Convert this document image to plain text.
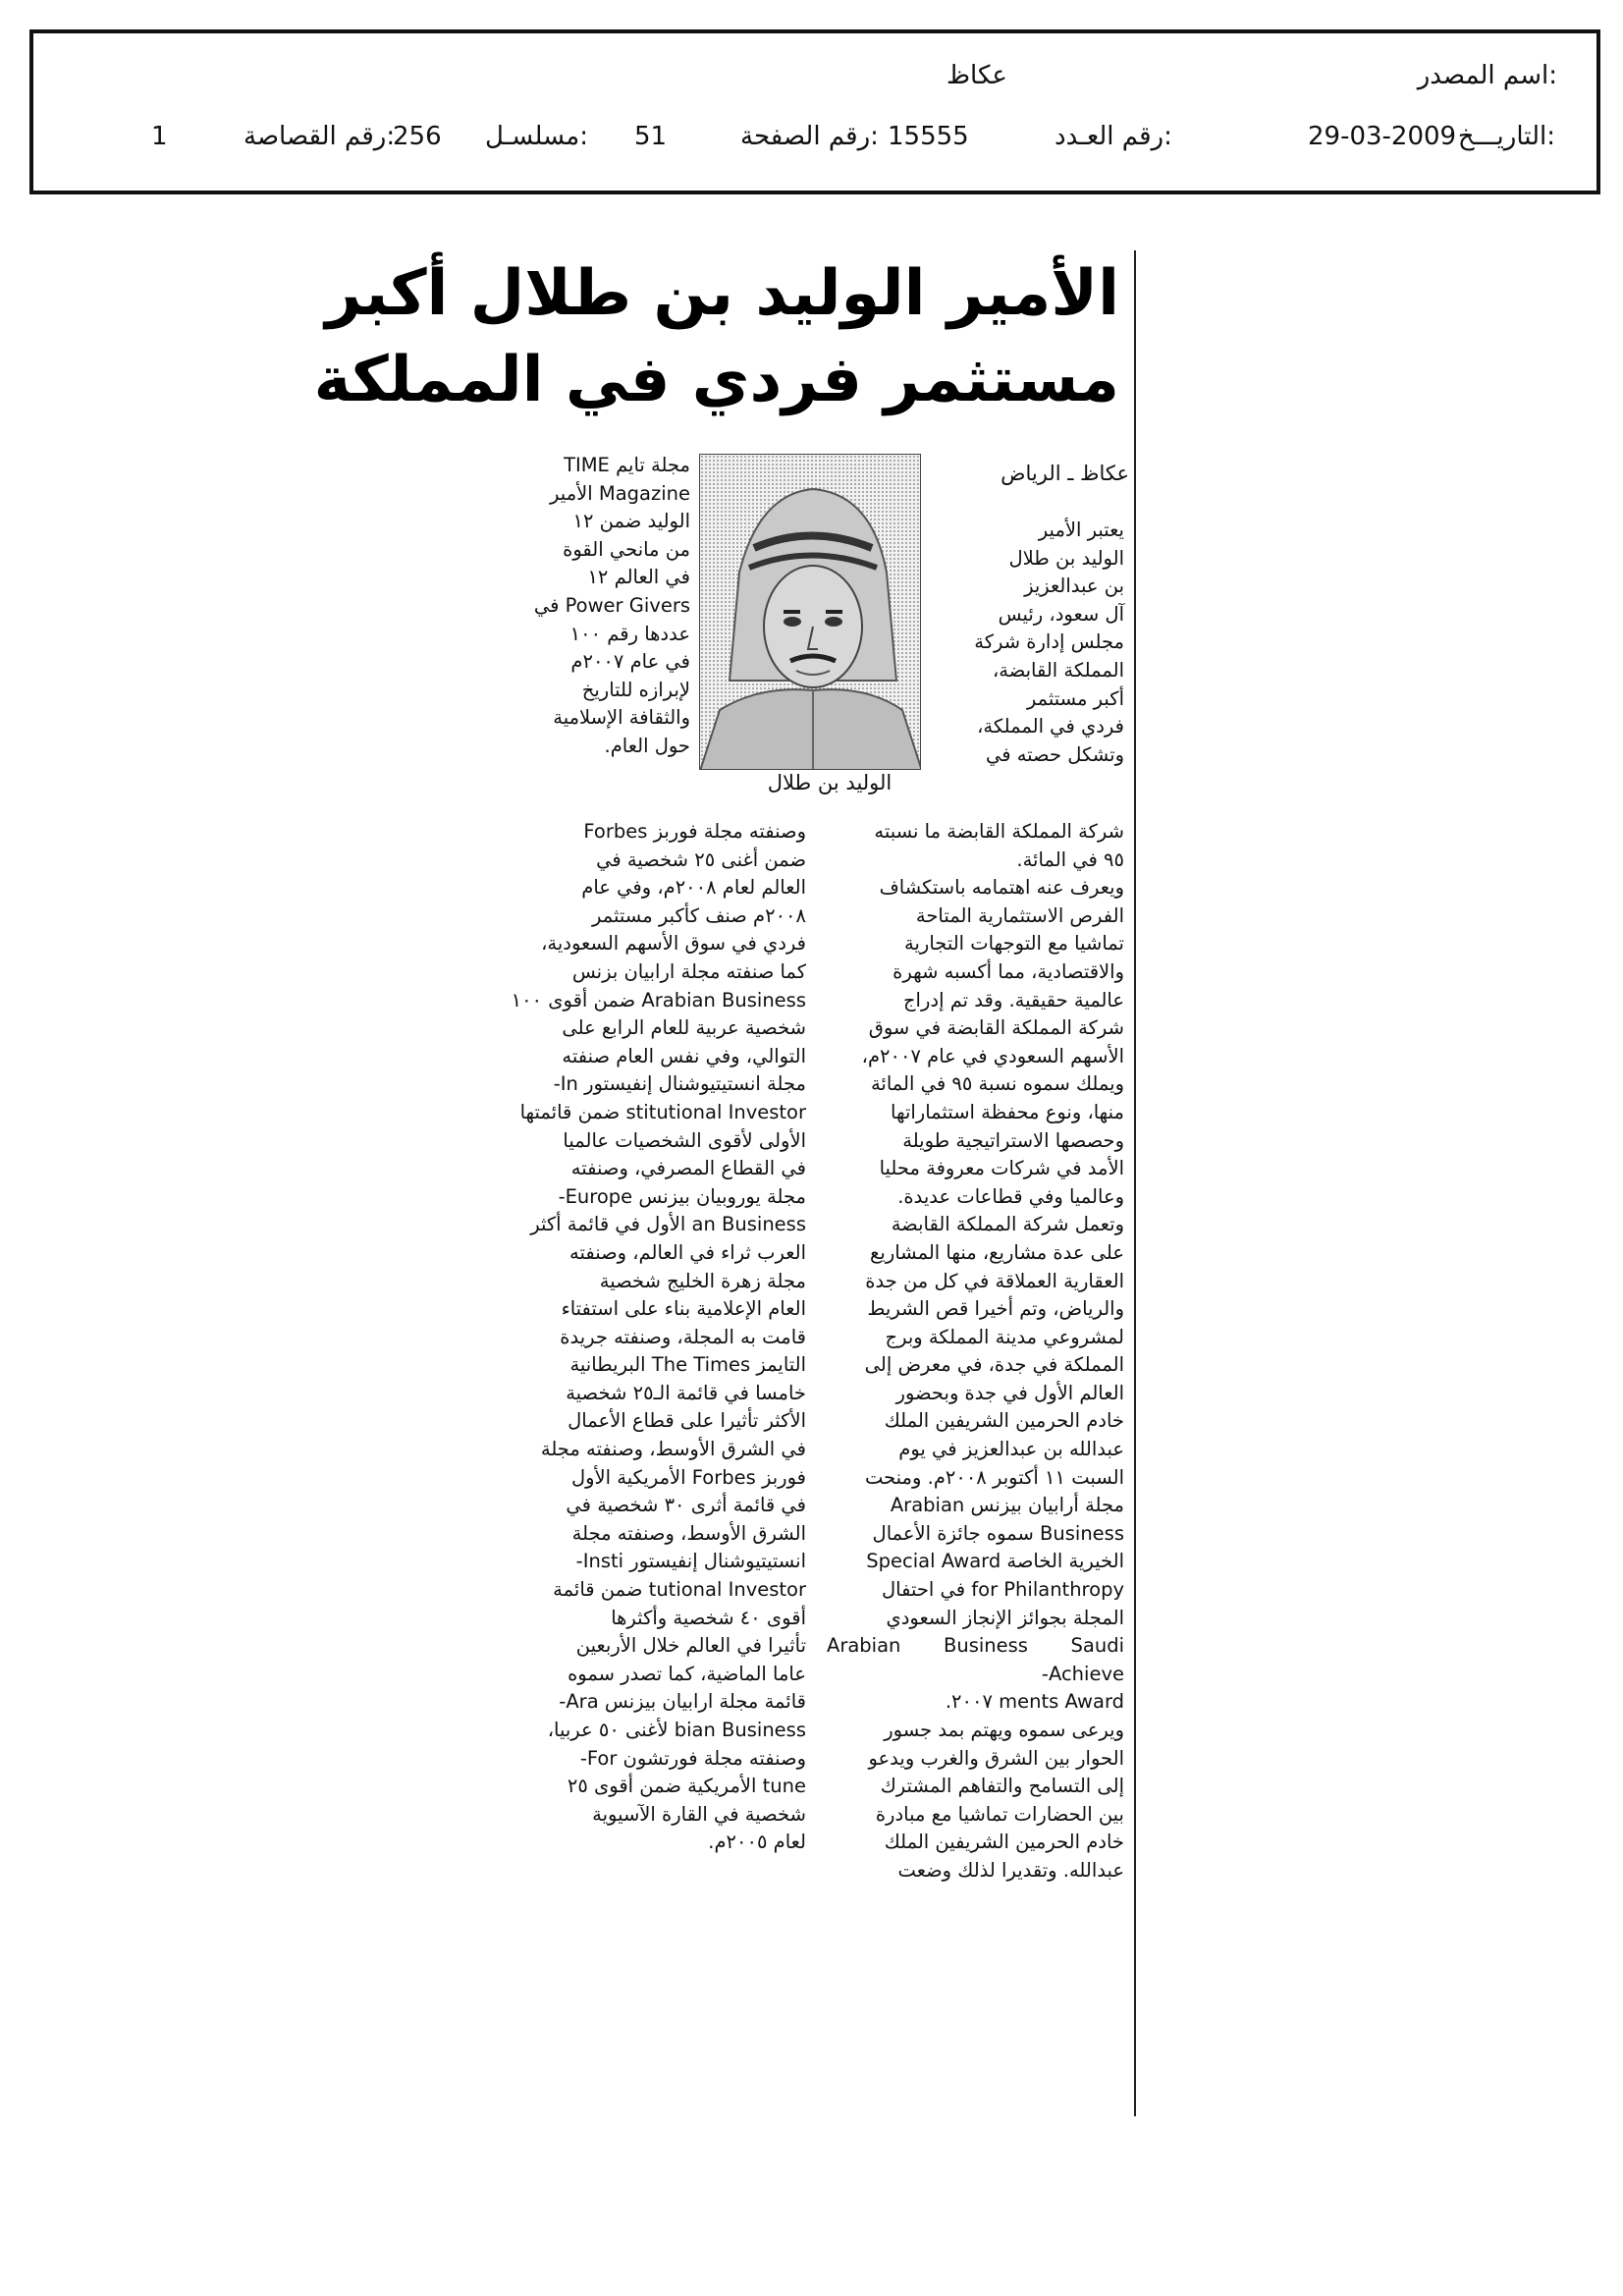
اسم المصدر:
عكاظ
التاريـــخ:
29-03-2009
رقم العـدد:
15555
رقم الصفحة:
51
مسلسـل:
256
رقم القصاصة:
1
الأمير الوليد بن طلال أكبر
مستثمر فردي في المملكة
عكاظ ـ الرياض
الوليد بن طلال

يعتبر الأمير

الوليد بن طلال

بن عبدالعزيز

آل سعود، رئيس

مجلس إدارة شركة

المملكة القابضة،

أكبر مستثمر

فردي في المملكة،

وتشكل حصته في

شركة المملكة القابضة ما نسبته

٩٥ في المائة.

ويعرف عنه اهتمامه باستكشاف

الفرص الاستثمارية المتاحة

تماشيا مع التوجهات التجارية

والاقتصادية، مما أكسبه شهرة

عالمية حقيقية. وقد تم إدراج

شركة المملكة القابضة في سوق

الأسهم السعودي في عام ٢٠٠٧م،

ويملك سموه نسبة ٩٥ في المائة

منها، ونوع محفظة استثماراتها

وحصصها الاستراتيجية طويلة

الأمد في شركات معروفة محليا

وعالميا وفي قطاعات عديدة.

وتعمل شركة المملكة القابضة

على عدة مشاريع، منها المشاريع

العقارية العملاقة في كل من جدة

والرياض، وتم أخيرا قص الشريط

لمشروعي مدينة المملكة وبرج

المملكة في جدة، في معرض إلى

العالم الأول في جدة وبحضور

خادم الحرمين الشريفين الملك

عبدالله بن عبدالعزيز في يوم

السبت ١١ أكتوبر ٢٠٠٨م. ومنحت

مجلة أرابيان بيزنس Arabian

Business سموه جائزة الأعمال

الخيرية الخاصة Special Award

for Philanthropy في احتفال

المجلة بجوائز الإنجاز السعودي

Arabian Business Saudi Achieve-

ments Award ٢٠٠٧.

ويرعى سموه ويهتم بمد جسور

الحوار بين الشرق والغرب ويدعو

إلى التسامح والتفاهم المشترك

بين الحضارات تماشيا مع مبادرة

خادم الحرمين الشريفين الملك

عبدالله. وتقديرا لذلك وضعت

مجلة تايم TIME

Magazine الأمير

الوليد ضمن ١٢

من مانحي القوة

في العالم ١٢

Power Givers في

عددها رقم ١٠٠

في عام ٢٠٠٧م

لإبرازه للتاريخ

والثقافة الإسلامية

حول العام.

وصنفته مجلة فوربز Forbes

ضمن أغنى ٢٥ شخصية في

العالم لعام ٢٠٠٨م، وفي عام

٢٠٠٨م صنف كأكبر مستثمر

فردي في سوق الأسهم السعودية،

كما صنفته مجلة ارابيان بزنس

Arabian Business ضمن أقوى ١٠٠

شخصية عربية للعام الرابع على

التوالي، وفي نفس العام صنفته

مجلة انستيتيوشنال إنفيستور In-

stitutional Investor ضمن قائمتها

الأولى لأقوى الشخصيات عالميا

في القطاع المصرفي، وصنفته

مجلة يوروبيان بيزنس Europe-

an Business الأول في قائمة أكثر

العرب ثراء في العالم، وصنفته

مجلة زهرة الخليج شخصية

العام الإعلامية بناء على استفتاء

قامت به المجلة، وصنفته جريدة

التايمز The Times البريطانية

خامسا في قائمة الـ٢٥ شخصية

الأكثر تأثيرا على قطاع الأعمال

في الشرق الأوسط، وصنفته مجلة

فوربز Forbes الأمريكية الأول

في قائمة أثرى ٣٠ شخصية في

الشرق الأوسط، وصنفته مجلة

انستيتيوشنال إنفيستور Insti-

tutional Investor ضمن قائمة

أقوى ٤٠ شخصية وأكثرها

تأثيرا في العالم خلال الأربعين

عاما الماضية، كما تصدر سموه

قائمة مجلة ارابيان بيزنس Ara-

bian Business لأغنى ٥٠ عربيا،

وصنفته مجلة فورتشون For-

tune الأمريكية ضمن أقوى ٢٥

شخصية في القارة الآسيوية

لعام ٢٠٠٥م.
